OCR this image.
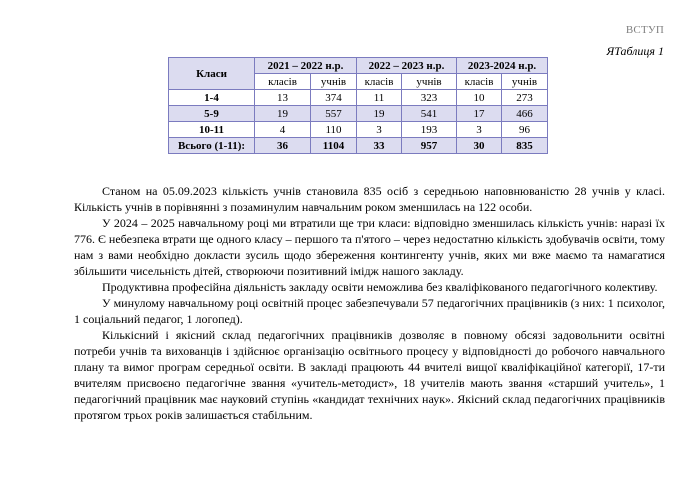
ВСТУП
ЯТаблиця 1
Класи	2021 – 2022 н.р.		2022 – 2023 н.р.		2023-2024 н.р.	
	класів	учнів	класів	учнів	класів	учнів
1-4	13	374	11	323	10	273
5-9	19	557	19	541	17	466
10-11	4	110	3	193	3	96
Всього (1-11):	36	1104	33	957	30	835

Станом на 05.09.2023 кількість учнів становила 835 осіб з середньою наповнюваністю 28 учнів у класі. Кількість учнів в порівнянні з позаминулим навчальним роком зменшилась на 122 особи.

У 2024 – 2025 навчальному році ми втратили ще три класи: відповідно зменшилась кількість учнів: наразі їх 776. Є небезпека втрати ще одного класу – першого та п'ятого – через недостатню кількість здобувачів освіти, тому нам з вами необхідно докласти зусиль щодо збереження контингенту учнів, яких ми вже маємо та намагатися збільшити чисельність дітей, створюючи позитивний імідж нашого закладу.

Продуктивна професійна діяльність закладу освіти неможлива без кваліфікованого педагогічного колективу.

У минулому навчальному році освітній процес забезпечували 57 педагогічних працівників (з них: 1 психолог, 1 соціальний педагог, 1 логопед).

Кількісний і якісний склад педагогічних працівників дозволяє в повному обсязі задовольнити освітні потреби учнів та вихованців і здійснює організацію освітнього процесу у відповідності до робочого навчального плану та вимог програм середньої освіти. В закладі працюють 44 вчителі вищої кваліфікаційної категорії, 17-ти вчителям присвоєно педагогічне звання «учитель-методист», 18 учителів мають звання «старший учитель», 1 педагогічний працівник має науковий ступінь «кандидат технічних наук». Якісний склад педагогічних працівників протягом трьох років залишається стабільним.
